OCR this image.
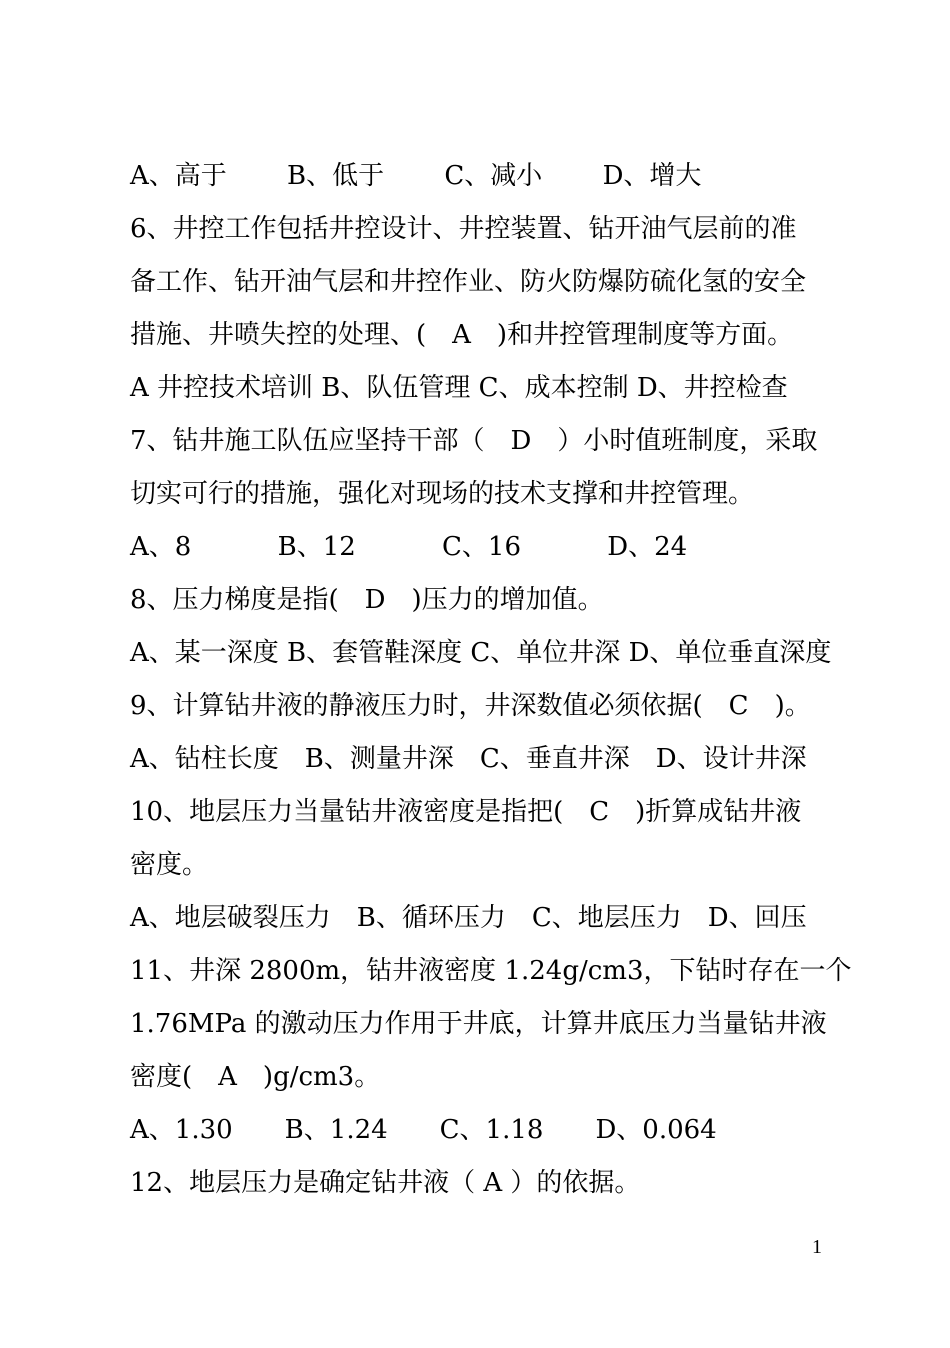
A、高于　　 B、低于　　 C、减小　　 D、增大

6、井控工作包括井控设计、井控装置、钻开油气层前的准

备工作、钻开油气层和井控作业、防火防爆防硫化氢的安全

措施、井喷失控的处理、(　A　)和井控管理制度等方面。

A 井控技术培训 B、队伍管理 C、成本控制 D、井控检查

7、钻井施工队伍应坚持干部（　D　）小时值班制度，采取

切实可行的措施，强化对现场的技术支撑和井控管理。

A、8　　　 B、12　　　 C、16　　　 D、24

8、压力梯度是指(　D　)压力的增加值。

A、某一深度 B、套管鞋深度 C、单位井深 D、单位垂直深度

9、计算钻井液的静液压力时，井深数值必须依据(　C　)。

A、钻柱长度　B、测量井深　C、垂直井深　D、设计井深

10、地层压力当量钻井液密度是指把(　C　)折算成钻井液

密度。

A、地层破裂压力　B、循环压力　C、地层压力　D、回压

11、井深 2800m，钻井液密度 1.24g/cm3，下钻时存在一个

1.76MPa 的激动压力作用于井底，计算井底压力当量钻井液

密度(　A　)g/cm3。

A、1.30　　B、1.24　　C、1.18　　D、0.064

12、地层压力是确定钻井液（ A ）的依据。

1
